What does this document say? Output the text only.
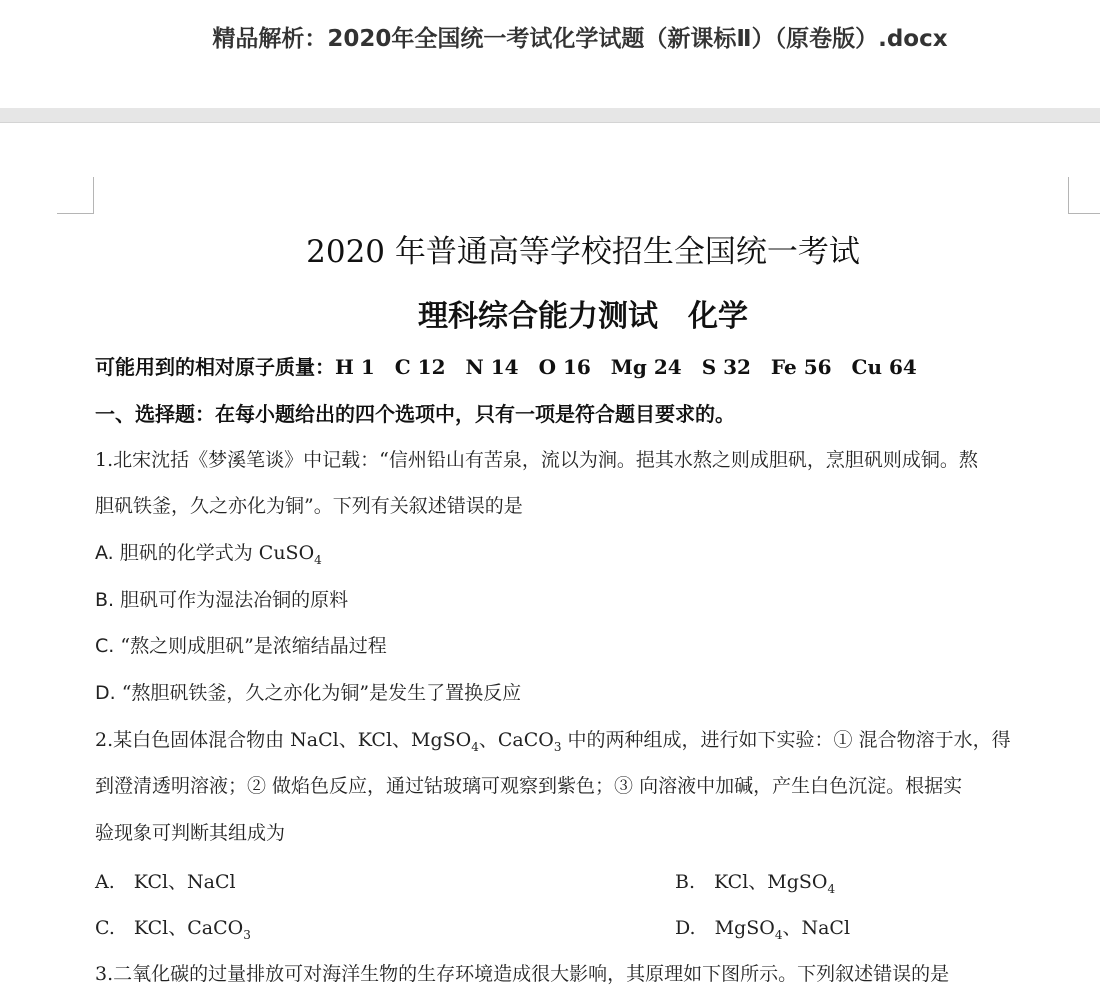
精品解析：2020年全国统一考试化学试题（新课标Ⅱ）（原卷版）.docx
2020 年普通高等学校招生全国统一考试
理科综合能力测试　化学
可能用到的相对原子质量：H 1　C 12　N 14　O 16　Mg 24　S 32　Fe 56　Cu 64
一、选择题：在每小题给出的四个选项中，只有一项是符合题目要求的。
1.北宋沈括《梦溪笔谈》中记载：“信州铅山有苦泉，流以为涧。挹其水熬之则成胆矾，烹胆矾则成铜。熬
胆矾铁釜，久之亦化为铜”。下列有关叙述错误的是
A. 胆矾的化学式为 CuSO$_4$
B. 胆矾可作为湿法冶铜的原料
C. “熬之则成胆矾”是浓缩结晶过程
D. “熬胆矾铁釜，久之亦化为铜”是发生了置换反应
2.某白色固体混合物由 NaCl、KCl、MgSO$_4$、CaCO$_3$ 中的两种组成，进行如下实验：① 混合物溶于水，得
到澄清透明溶液；② 做焰色反应，通过钴玻璃可观察到紫色；③ 向溶液中加碱，产生白色沉淀。根据实
验现象可判断其组成为
A.　KCl、NaCl	B.　KCl、MgSO$_4$
C.　KCl、CaCO$_3$	D.　MgSO$_4$、NaCl
3.二氧化碳的过量排放可对海洋生物的生存环境造成很大影响，其原理如下图所示。下列叙述错误的是
